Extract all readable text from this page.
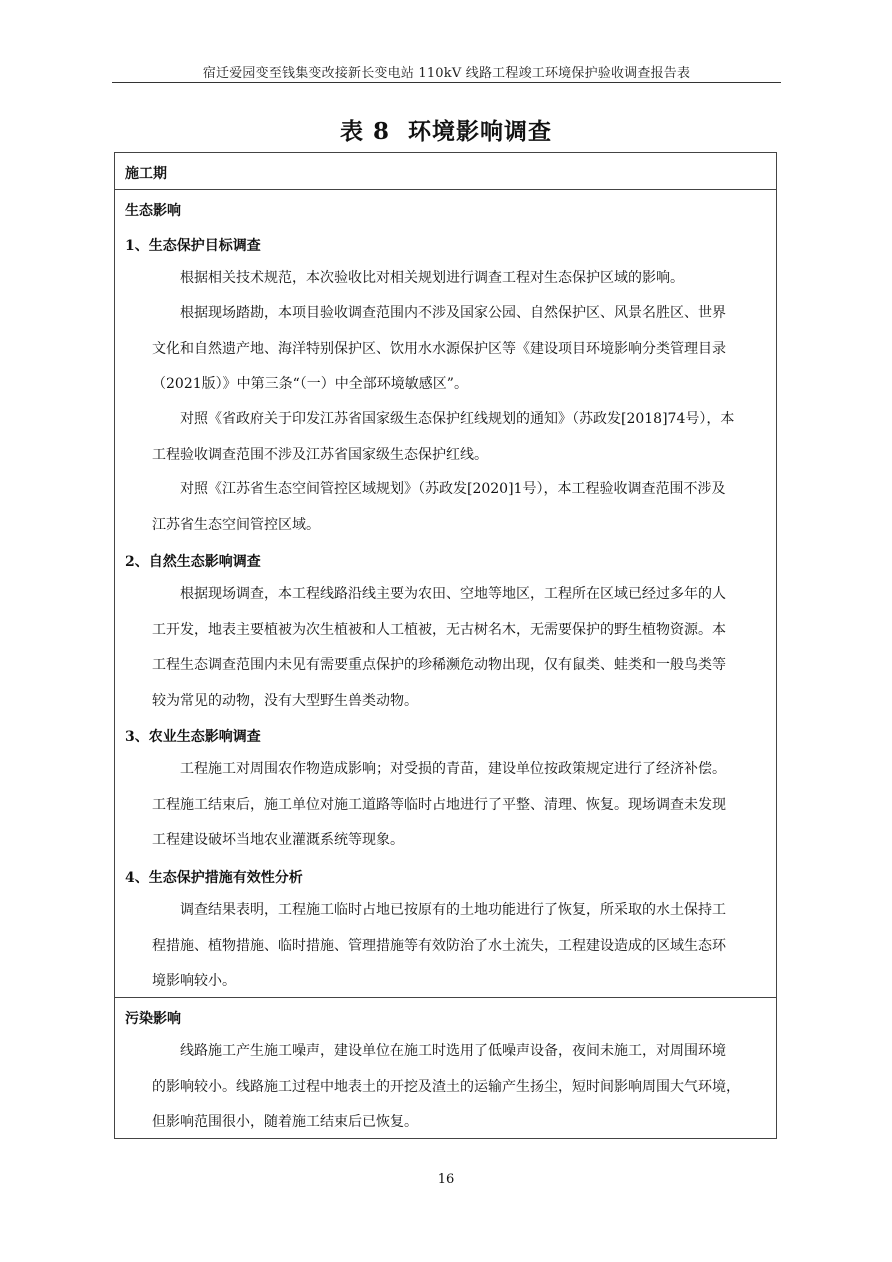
宿迁爱园变至钱集变改接新长变电站 110kV 线路工程竣工环境保护验收调查报告表
表 8 环境影响调查
施工期
生态影响
1、生态保护目标调查
根据相关技术规范，本次验收比对相关规划进行调查工程对生态保护区域的影响。
根据现场踏勘，本项目验收调查范围内不涉及国家公园、自然保护区、风景名胜区、世界
文化和自然遗产地、海洋特别保护区、饮用水水源保护区等《建设项目环境影响分类管理目录
（2021版）》中第三条“（一）中全部环境敏感区”。
对照《省政府关于印发江苏省国家级生态保护红线规划的通知》（苏政发[2018]74号），本
工程验收调查范围不涉及江苏省国家级生态保护红线。
对照《江苏省生态空间管控区域规划》（苏政发[2020]1号），本工程验收调查范围不涉及
江苏省生态空间管控区域。
2、自然生态影响调查
根据现场调查，本工程线路沿线主要为农田、空地等地区，工程所在区域已经过多年的人
工开发，地表主要植被为次生植被和人工植被，无古树名木，无需要保护的野生植物资源。本
工程生态调查范围内未见有需要重点保护的珍稀濒危动物出现，仅有鼠类、蛙类和一般鸟类等
较为常见的动物，没有大型野生兽类动物。
3、农业生态影响调查
工程施工对周围农作物造成影响；对受损的青苗，建设单位按政策规定进行了经济补偿。
工程施工结束后，施工单位对施工道路等临时占地进行了平整、清理、恢复。现场调查未发现
工程建设破坏当地农业灌溉系统等现象。
4、生态保护措施有效性分析
调查结果表明，工程施工临时占地已按原有的土地功能进行了恢复，所采取的水土保持工
程措施、植物措施、临时措施、管理措施等有效防治了水土流失，工程建设造成的区域生态环
境影响较小。
污染影响
线路施工产生施工噪声，建设单位在施工时选用了低噪声设备，夜间未施工，对周围环境
的影响较小。线路施工过程中地表土的开挖及渣土的运输产生扬尘，短时间影响周围大气环境，
但影响范围很小，随着施工结束后已恢复。
16
